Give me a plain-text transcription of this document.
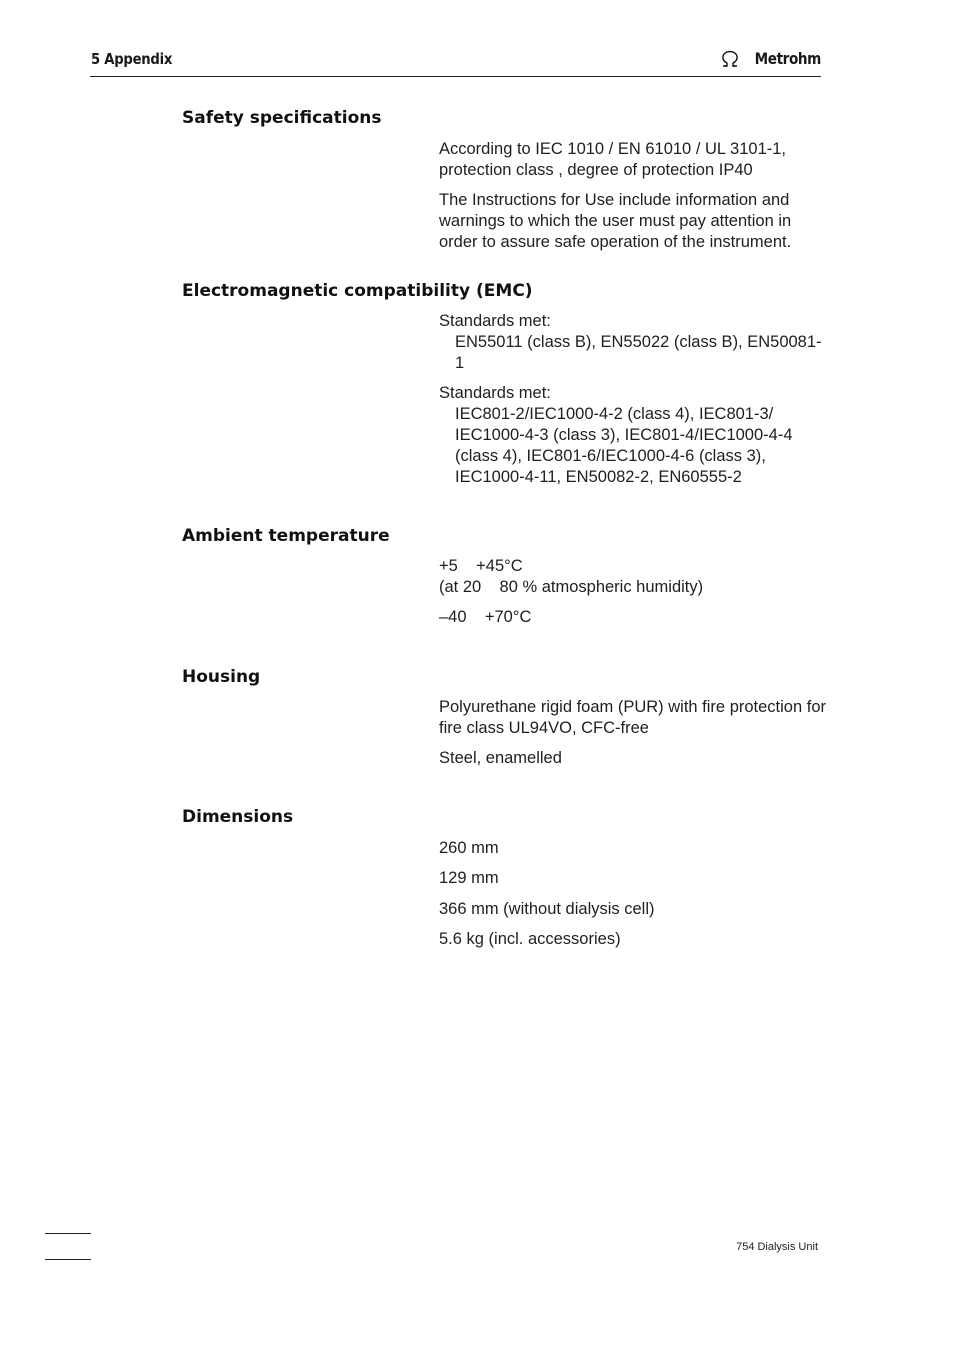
5 Appendix	Metrohm
Safety specifications
According to IEC 1010 / EN 61010 / UL 3101-1, protection class , degree of protection IP40
The Instructions for Use include information and warnings to which the user must pay attention in order to assure safe operation of the instrument.
Electromagnetic compatibility (EMC)
Standards met:
EN55011 (class B), EN55022 (class B), EN50081-1
Standards met:
IEC801-2/IEC1000-4-2 (class 4), IEC801-3/ IEC1000-4-3 (class 3), IEC801-4/IEC1000-4-4 (class 4), IEC801-6/IEC1000-4-6 (class 3), IEC1000-4-11, EN50082-2, EN60555-2
Ambient temperature
+5    +45°C
(at 20    80 % atmospheric humidity)
–40    +70°C
Housing
Polyurethane rigid foam (PUR) with fire protection for fire class UL94VO, CFC-free
Steel, enamelled
Dimensions
260 mm
129 mm
366 mm (without dialysis cell)
5.6 kg (incl. accessories)
754 Dialysis Unit
